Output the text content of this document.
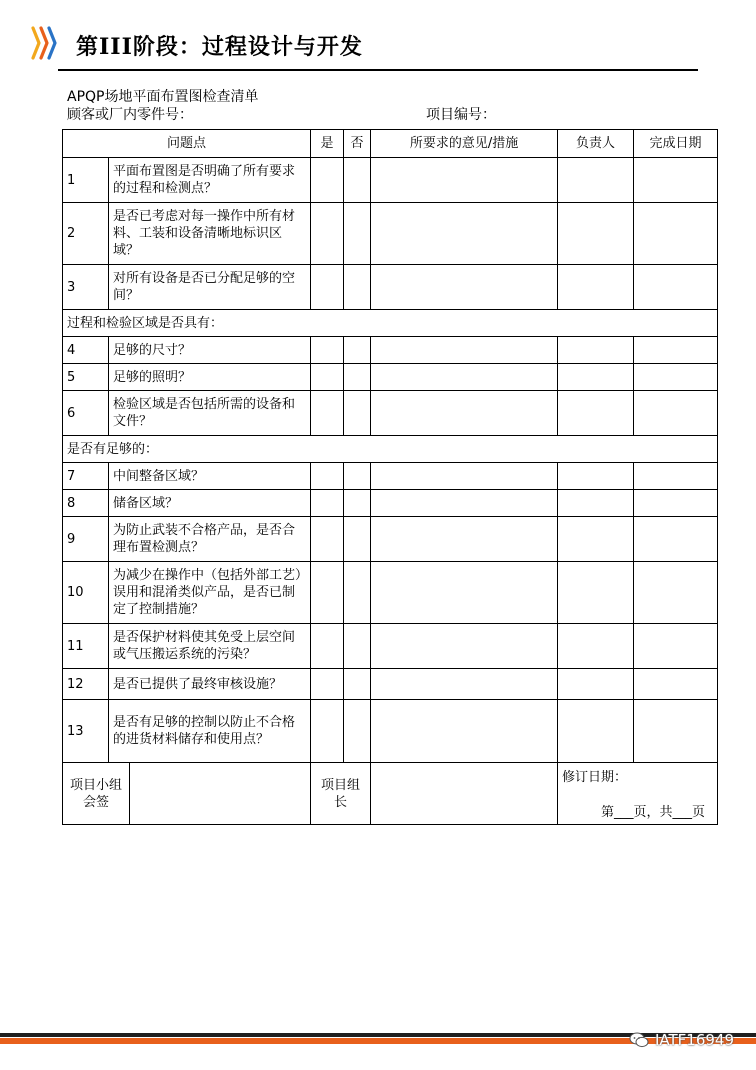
第III阶段：过程设计与开发
APQP场地平面布置图检查清单
顾客或厂内零件号：	项目编号：
问题点			是	否	所要求的意见/措施	负责人	完成日期
1	平面布置图是否明确了所有要求的过程和检测点？						
2	是否已考虑对每一操作中所有材料、工装和设备清晰地标识区域？						
3	对所有设备是否已分配足够的空间？						
过程和检验区域是否具有：							
4	足够的尺寸？						
5	足够的照明？						
6	检验区域是否包括所需的设备和文件？						
是否有足够的：							
7	中间整备区域？						
8	储备区域？						
9	为防止武装不合格产品，是否合理布置检测点？						
10	为减少在操作中（包括外部工艺）误用和混淆类似产品，是否已制定了控制措施？						
11	是否保护材料使其免受上层空间或气压搬运系统的污染？						
12	是否已提供了最终审核设施？						
13	是否有足够的控制以防止不合格的进货材料储存和使用点？						
项目小组会签			项目组长			修订日期：
第___页，共___页	
IATF16949
